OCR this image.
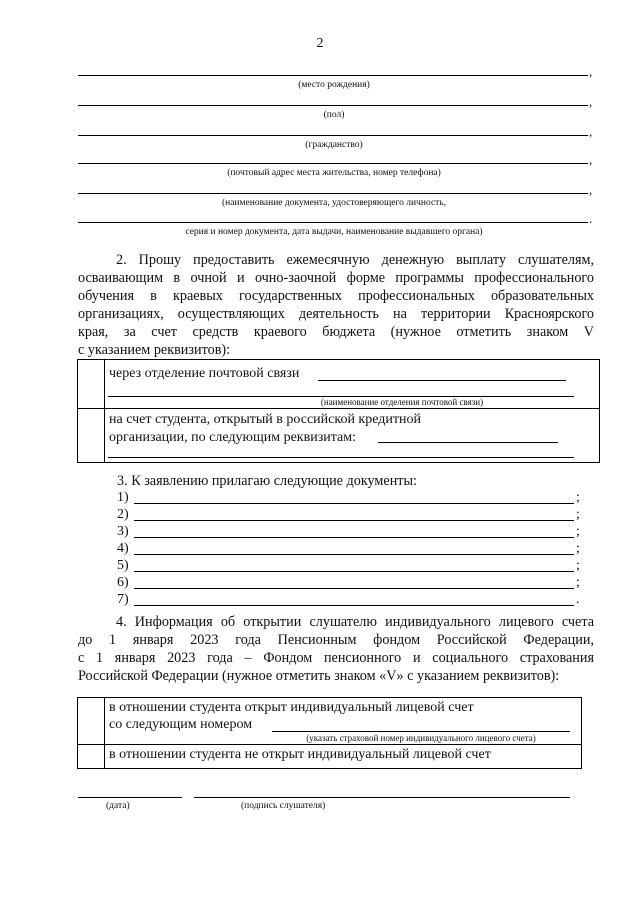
2
,
(место рождения)
,
(пол)
,
(гражданство)
,
(почтовый адрес места жительства, номер телефона)
,
(наименование документа, удостоверяющего личность,
.
серия и номер документа, дата выдачи, наименование выдавшего органа)
2. Прошу предоставить ежемесячную денежную выплату слушателям,
осваивающим в очной и очно-заочной форме программы профессионального
обучения в краевых государственных профессиональных образовательных
организациях, осуществляющих деятельность на территории Красноярского
края, за счет средств краевого бюджета (нужное отметить знаком V
с указанием реквизитов):
через отделение почтовой связи
(наименование отделения почтовой связи)
на счет студента, открытый в российской кредитной
организации, по следующим реквизитам:
3. К заявлению прилагаю следующие документы:
1)	;
2)	;
3)	;
4)	;
5)	;
6)	;
7)	.
4. Информация об открытии слушателю индивидуального лицевого счета
до 1 января 2023 года Пенсионным фондом Российской Федерации,
с 1 января 2023 года – Фондом пенсионного и социального страхования
Российской Федерации (нужное отметить знаком «V» с указанием реквизитов):
в отношении студента открыт индивидуальный лицевой счет
со следующим номером
(указать страховой номер индивидуального лицевого счета)
в отношении студента не открыт индивидуальный лицевой счет
(дата)	(подпись слушателя)
